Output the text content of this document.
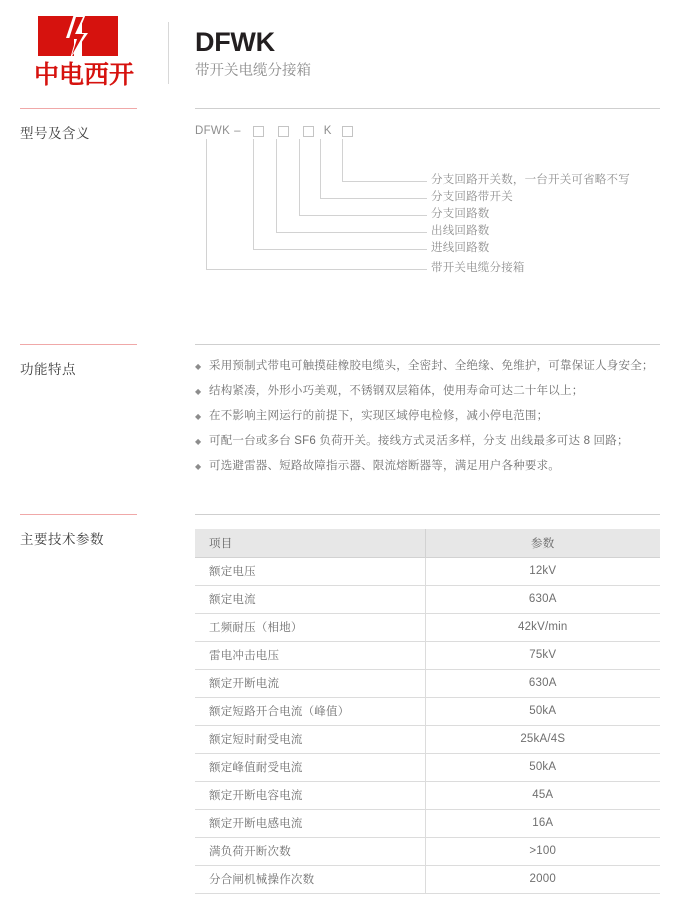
中电西开
DFWK

带开关电缆分接箱

型号及含义	DFWK –	K
分支回路开关数，一台开关可省略不写
分支回路带开关
分支回路数
出线回路数
进线回路数
带开关电缆分接箱
功能特点	◆ 采用预制式带电可触摸硅橡胶电缆头，全密封、全绝缘、免维护，可靠保证人身安全；
◆ 结构紧凑，外形小巧美观，不锈钢双层箱体，使用寿命可达二十年以上；
◆ 在不影响主网运行的前提下，实现区域停电检修，减小停电范围；
◆ 可配一台或多台 SF6 负荷开关。接线方式灵活多样，分支 出线最多可达 8 回路；
◆ 可选避雷器、短路故障指示器、限流熔断器等，满足用户各种要求。
主要技术参数	项目	参数
额定电压	12kV
额定电流	630A
工频耐压（相地）	42kV/min
雷电冲击电压	75kV
额定开断电流	630A
额定短路开合电流（峰值）	50kA
额定短时耐受电流	25kA/4S
额定峰值耐受电流	50kA
额定开断电容电流	45A
额定开断电感电流	16A
满负荷开断次数	>100
分合闸机械操作次数	2000
